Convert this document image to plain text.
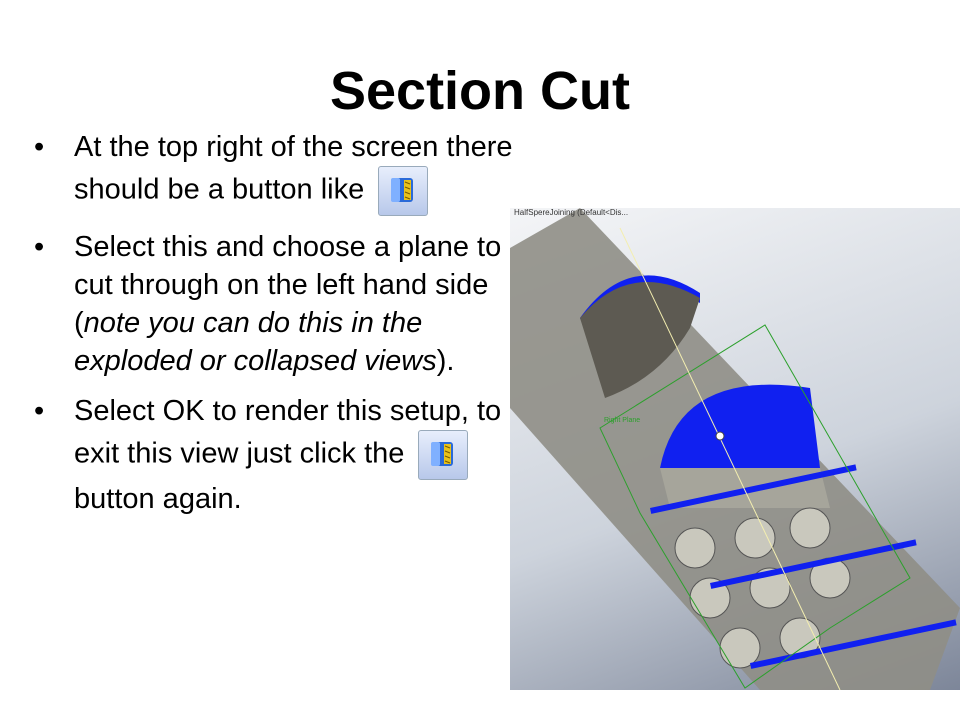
Section Cut
• At the top right of the screen there should be a button like
• Select this and choose a plane to cut through on the left hand side (note you can do this in the exploded or collapsed views).
• Select OK to render this setup, to exit this view just click the
button again.
HalfSpereJoining (Default<Dis...
Right Plane
